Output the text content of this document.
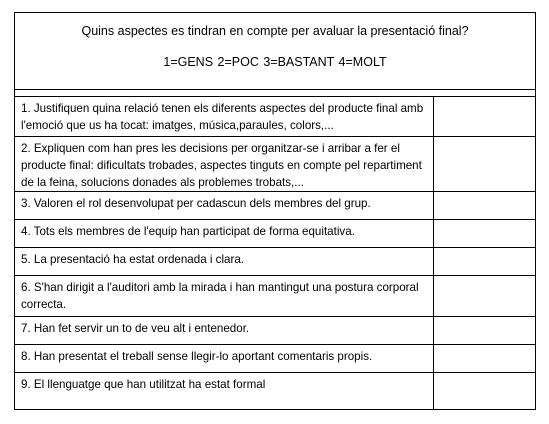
Quins aspectes es tindran en compte per avaluar la presentació final?
1=GENS 2=POC 3=BASTANT 4=MOLT
1. Justifiquen quina relació tenen els diferents aspectes del producte final amb l'emoció que us ha tocat: imatges, música,paraules, colors,...
2. Expliquen com han pres les decisions per organitzar-se i arribar a fer el producte final: dificultats trobades, aspectes tinguts en compte pel repartiment de la feina, solucions donades als problemes trobats,...
3. Valoren el rol desenvolupat per cadascun dels membres del grup.
4. Tots els membres de l'equip han participat de forma equitativa.
5. La presentació ha estat ordenada i clara.
6. S'han dirigit a l'auditori amb la mirada i han mantingut una postura corporal correcta.
7. Han fet servir un to de veu alt i entenedor.
8. Han presentat el treball sense llegir-lo aportant comentaris propis.
9. El llenguatge que han utilitzat ha estat formal
